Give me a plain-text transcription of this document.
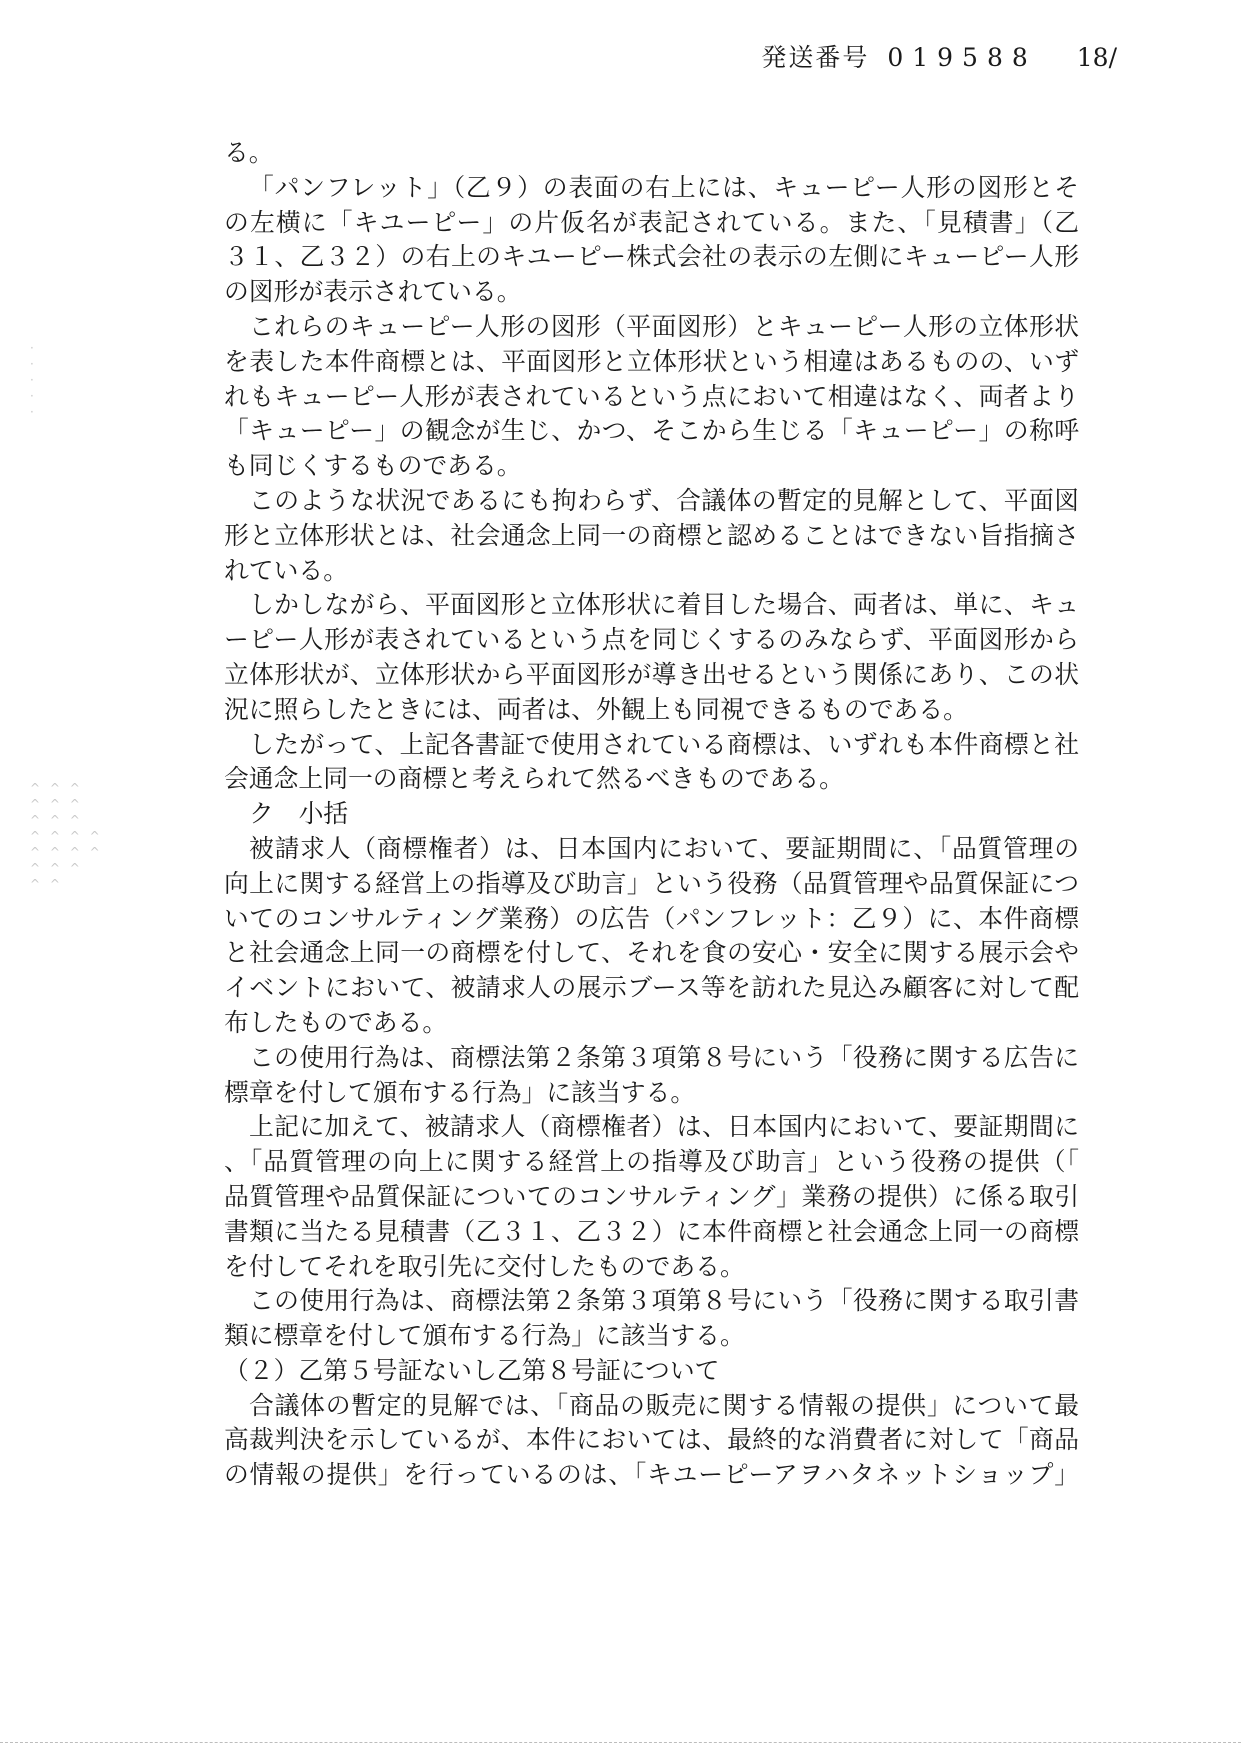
発送番号 019588 18/
·
·
·
·
·
^ ^ ^
^ ^ ^
^ ^ ^
^ ^ ^ ^
^ ^ ^ ^
^ ^ ^
^ ^
る。
「パンフレット」（乙９）の表面の右上には、キューピー人形の図形とそ
の左横に「キユーピー」の片仮名が表記されている。また、「見積書」（乙
３１、乙３２）の右上のキユーピー株式会社の表示の左側にキューピー人形
の図形が表示されている。
これらのキューピー人形の図形（平面図形）とキューピー人形の立体形状
を表した本件商標とは、平面図形と立体形状という相違はあるものの、いず
れもキューピー人形が表されているという点において相違はなく、両者より
「キューピー」の観念が生じ、かつ、そこから生じる「キューピー」の称呼
も同じくするものである。
このような状況であるにも拘わらず、合議体の暫定的見解として、平面図
形と立体形状とは、社会通念上同一の商標と認めることはできない旨指摘さ
れている。
しかしながら、平面図形と立体形状に着目した場合、両者は、単に、キュ
ーピー人形が表されているという点を同じくするのみならず、平面図形から
立体形状が、立体形状から平面図形が導き出せるという関係にあり、この状
況に照らしたときには、両者は、外観上も同視できるものである。
したがって、上記各書証で使用されている商標は、いずれも本件商標と社
会通念上同一の商標と考えられて然るべきものである。
ク　小括
被請求人（商標権者）は、日本国内において、要証期間に、「品質管理の
向上に関する経営上の指導及び助言」という役務（品質管理や品質保証につ
いてのコンサルティング業務）の広告（パンフレット：乙９）に、本件商標
と社会通念上同一の商標を付して、それを食の安心・安全に関する展示会や
イベントにおいて、被請求人の展示ブース等を訪れた見込み顧客に対して配
布したものである。
この使用行為は、商標法第２条第３項第８号にいう「役務に関する広告に
標章を付して頒布する行為」に該当する。
上記に加えて、被請求人（商標権者）は、日本国内において、要証期間に
、「品質管理の向上に関する経営上の指導及び助言」という役務の提供（「
品質管理や品質保証についてのコンサルティング」業務の提供）に係る取引
書類に当たる見積書（乙３１、乙３２）に本件商標と社会通念上同一の商標
を付してそれを取引先に交付したものである。
この使用行為は、商標法第２条第３項第８号にいう「役務に関する取引書
類に標章を付して頒布する行為」に該当する。
（２）乙第５号証ないし乙第８号証について
合議体の暫定的見解では、「商品の販売に関する情報の提供」について最
高裁判決を示しているが、本件においては、最終的な消費者に対して「商品
の情報の提供」を行っているのは、「キユーピーアヲハタネットショップ」
